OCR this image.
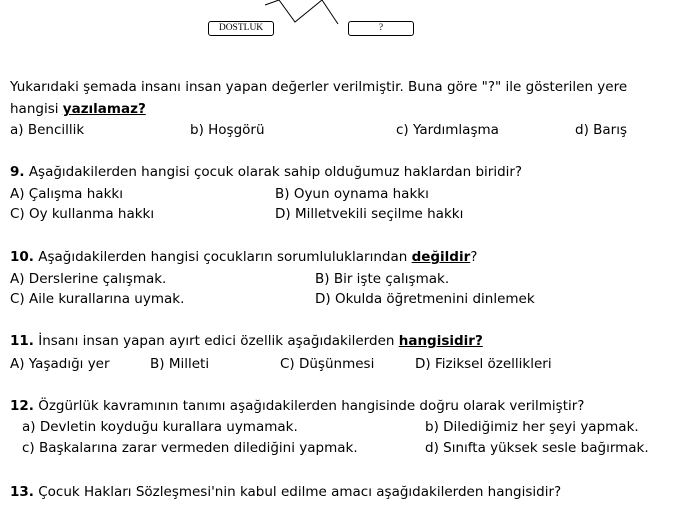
DOSTLUK	?
Yukarıdaki şemada insanı insan yapan değerler verilmiştir. Buna göre "?" ile gösterilen yere
hangisi yazılamaz?
a) Bencillik	b) Hoşgörü	c) Yardımlaşma	d) Barış
9. Aşağıdakilerden hangisi çocuk olarak sahip olduğumuz haklardan biridir?
A) Çalışma hakkı	B) Oyun oynama hakkı
C) Oy kullanma hakkı	D) Milletvekili seçilme hakkı
10. Aşağıdakilerden hangisi çocukların sorumluluklarından değildir?
A) Derslerine çalışmak.	B) Bir işte çalışmak.
C) Aile kurallarına uymak.	D) Okulda öğretmenini dinlemek
11. İnsanı insan yapan ayırt edici özellik aşağıdakilerden hangisidir?
A) Yaşadığı yer	B) Milleti	C) Düşünmesi	D) Fiziksel özellikleri
12. Özgürlük kavramının tanımı aşağıdakilerden hangisinde doğru olarak verilmiştir?
a) Devletin koyduğu kurallara uymamak.	b) Dilediğimiz her şeyi yapmak.
c) Başkalarına zarar vermeden dilediğini yapmak.	d) Sınıfta yüksek sesle bağırmak.
13. Çocuk Hakları Sözleşmesi'nin kabul edilme amacı aşağıdakilerden hangisidir?
